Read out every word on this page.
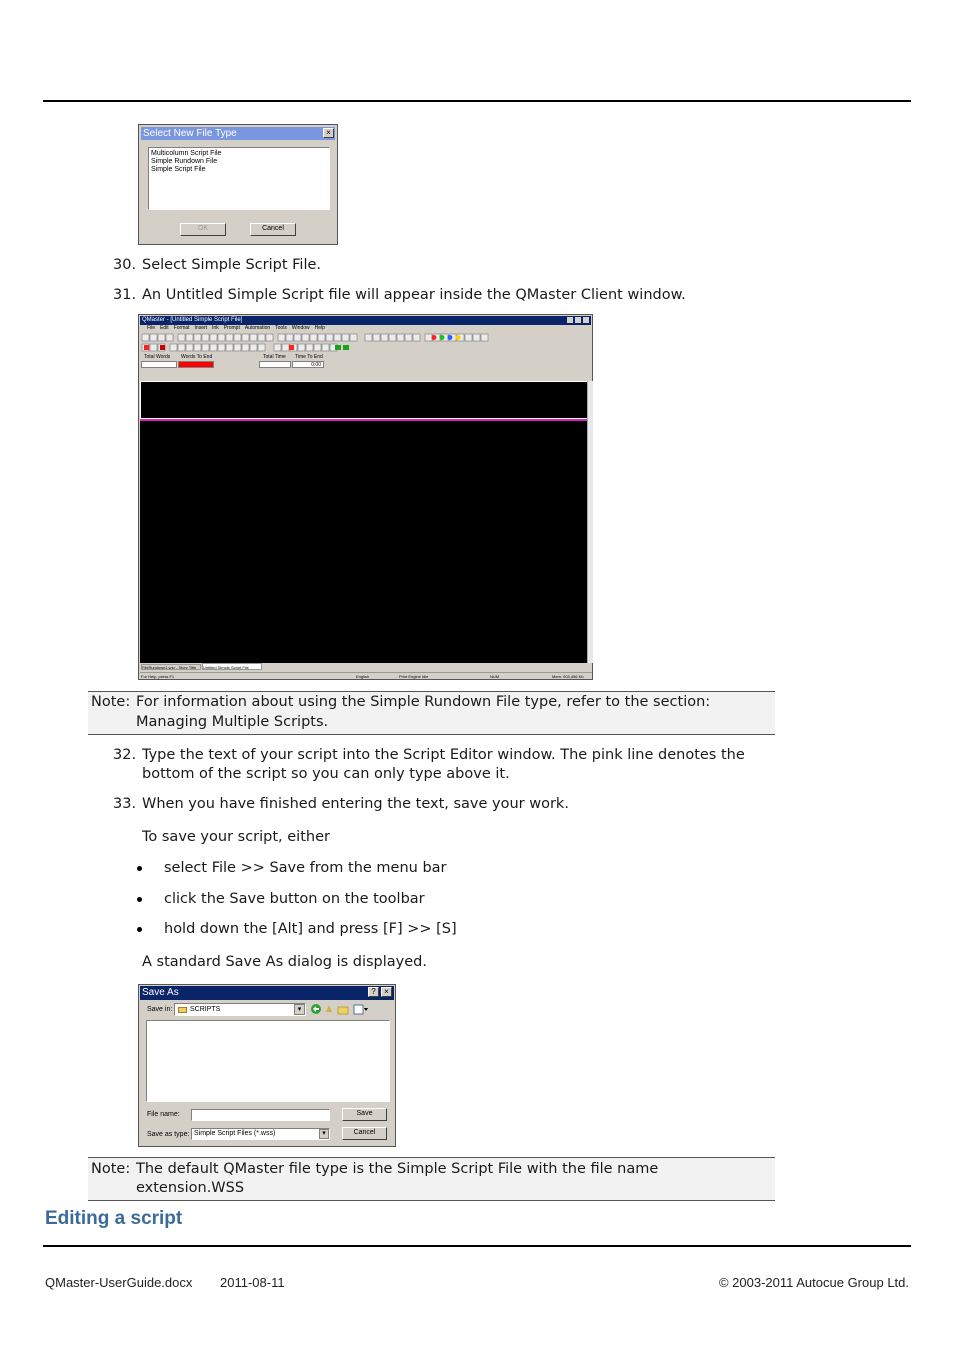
Select New File Type	×
Multicolumn Script File
Simple Rundown File
Simple Script File
OK	Cancel
30. Select Simple Script File.
31. An Untitled Simple Script file will appear inside the QMaster Client window.
QMaster - [Untitled Simple Script File]
File Edit Format Insert Ink Prompt Automation Tools Window Help
Total Words Words To End	Total Time Time To End
0:00
FileRundown1.wsr - Story Title	Untitled Simple Script File
For Help, press F1	English	Print Engine Idle	NUM	Mem: 903,456 Kb
Note: For information about using the Simple Rundown File type, refer to the section:
Managing Multiple Scripts.
32. Type the text of your script into the Script Editor window. The pink line denotes the
bottom of the script so you can only type above it.
33. When you have finished entering the text, save your work.
To save your script, either
select File >> Save from the menu bar
click the Save button on the toolbar
hold down the [Alt] and press [F] >> [S]
A standard Save As dialog is displayed.
Save As	?	×
Save in:	SCRIPTS	▾
File name:
Save as type: Simple Script Files (*.wss)	▾
Save
Cancel
Note: The default QMaster file type is the Simple Script File with the file name
extension.WSS
Editing a script
QMaster-UserGuide.docx 2011-08-11	© 2003-2011 Autocue Group Ltd.
